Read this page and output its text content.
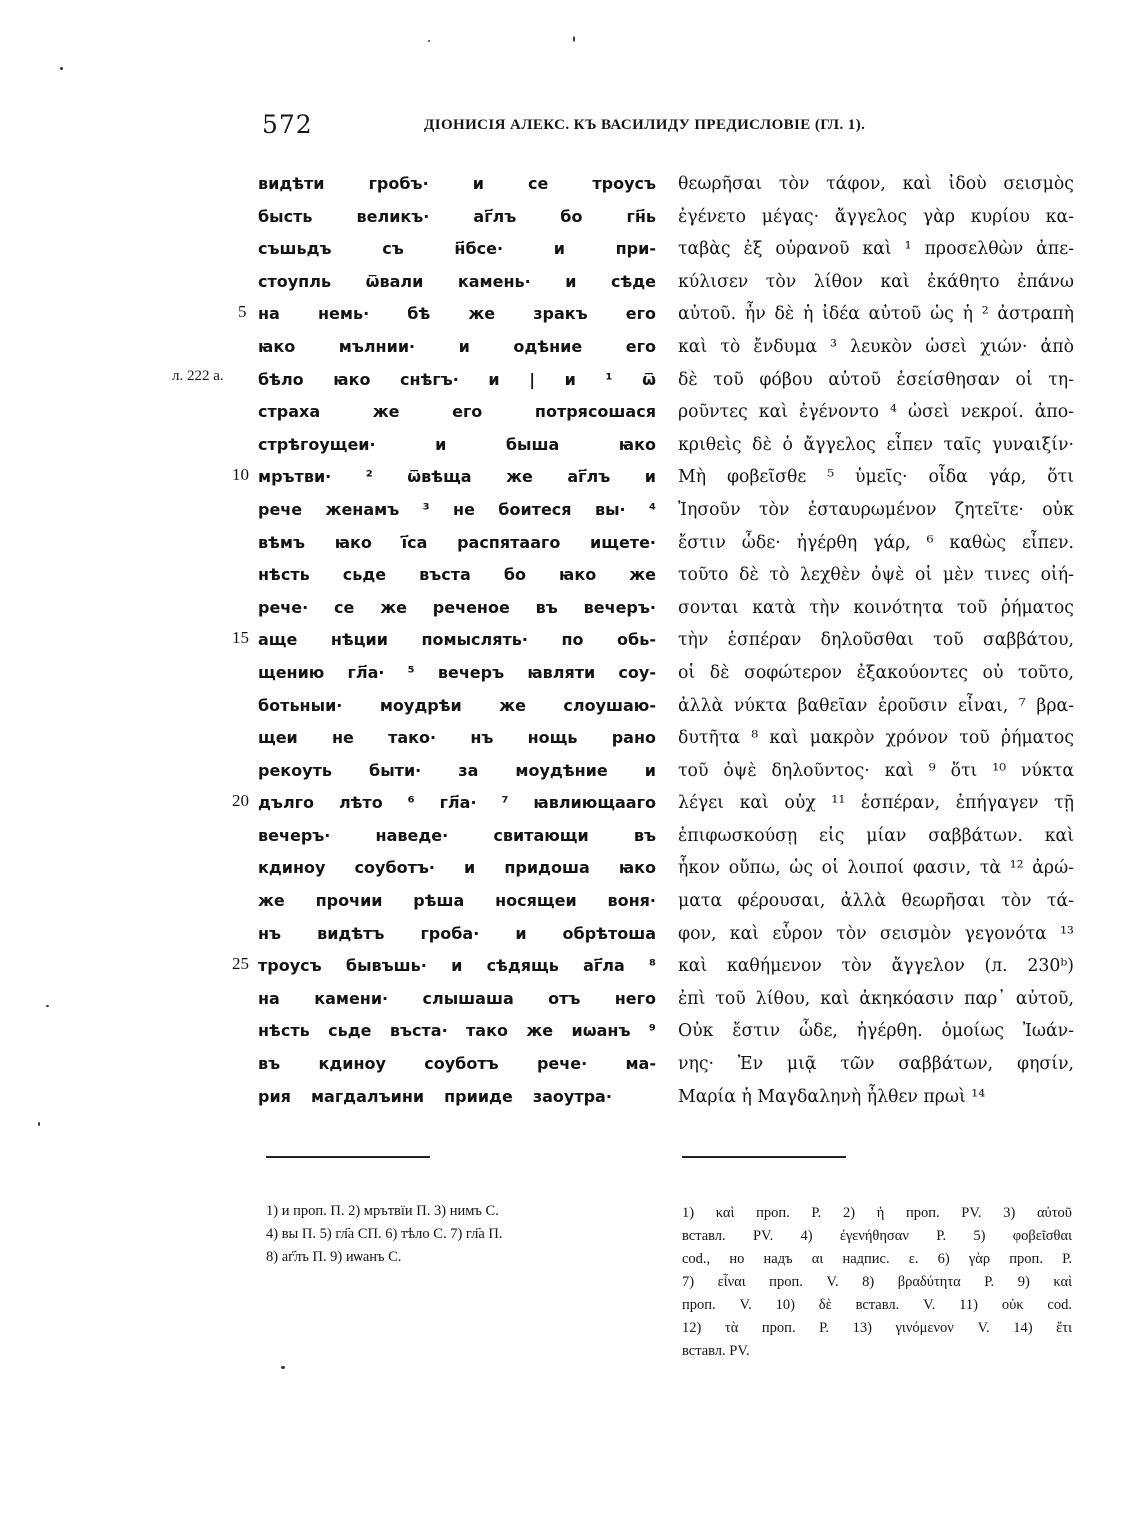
572	ДІОНИСІЯ АЛЕКС. КЪ ВАСИЛИДУ ПРЕДИСЛОВІЕ (ГЛ. 1).
5
10
15
20
25
л. 222 а.
видѣти	гробъ·	и	се	троусъ
бысть	великъ·	аг҃лъ	бо	гн҃ь
съшьдъ	съ	н҃бсе·	и	при-
стоупль ѿвали камень· и сѣде
на немь· бѣ же зракъ его
ꙗко	мълнии·	и	одѣние	его
бѣло ꙗко снѣгъ· и | и ¹ ѿ
страха	же	его	потрясошася
стрѣгоущеи·	и	быша	ꙗко
мрътви· ² ѿвѣща же аг҃лъ и
рече женамъ ³ не боитеся вы· ⁴
вѣмъ ꙗко і҃са распятааго ищете·
нѣсть сьде въста бо ꙗко же
рече· се же реченое въ вечеръ·
аще нѣции помыслять· по обь-
щению гл҃а· ⁵ вечеръ ꙗвляти соу-
ботьныи· моудрѣи же слоушаю-
щеи не тако· нъ нощь рано
рекоуть быти· за моудѣние и
дълго лѣто ⁶ гл҃а· ⁷ ꙗвлиющааго
вечеръ·	наведе·	свитающи	въ
кдиноу соуботъ· и придоша ꙗко
же прочии рѣша носящеи воня·
нъ видѣтъ гроба· и обрѣтоша
троусъ бывъшь· и сѣдящь аг҃ла ⁸
на камени· слышаша отъ него
нѣсть сьде въста· тако же иѡанъ ⁹
въ кдиноу соуботъ рече· ма-
рия магдалъини прииде заоутра·
θεωρῆσαι τὸν τάφον, καὶ ἰδοὺ σεισμὸς
ἐγένετο μέγας· ἄγγελος γὰρ κυρίου κα-
ταβὰς ἐξ οὐρανοῦ καὶ ¹ προσελθὼν ἀπε-
κύλισεν τὸν λίθον καὶ ἐκάθητο ἐπάνω
αὐτοῦ. ἦν δὲ ἡ ἰδέα αὐτοῦ ὡς ἡ ² ἀστραπὴ
καὶ τὸ ἔνδυμα ³ λευκὸν ὡσεὶ χιών· ἀπὸ
δὲ τοῦ φόβου αὐτοῦ ἐσείσθησαν οἱ τη-
ροῦντες καὶ ἐγένοντο ⁴ ὡσεὶ νεκροί. ἀπο-
κριθεὶς δὲ ὁ ἄγγελος εἶπεν ταῖς γυναιξίν·
Μὴ φοβεῖσθε ⁵ ὑμεῖς· οἶδα γάρ, ὅτι
Ἰησοῦν τὸν ἐσταυρωμένον ζητεῖτε· οὐκ
ἔστιν ὧδε· ἠγέρθη γάρ, ⁶ καθὼς εἶπεν.
τοῦτο δὲ τὸ λεχθὲν ὀψὲ οἱ μὲν τινες οἰή-
σονται κατὰ τὴν κοινότητα τοῦ ῥήματος
τὴν ἑσπέραν δηλοῦσθαι τοῦ σαββάτου,
οἱ δὲ σοφώτερον ἐξακούοντες οὐ τοῦτο,
ἀλλὰ νύκτα βαθεῖαν ἐροῦσιν εἶναι, ⁷ βρα-
δυτῆτα ⁸ καὶ μακρὸν χρόνον τοῦ ῥήματος
τοῦ ὀψὲ δηλοῦντος· καὶ ⁹ ὅτι ¹⁰ νύκτα
λέγει καὶ οὐχ ¹¹ ἑσπέραν, ἐπήγαγεν τῇ
ἐπιφωσκούσῃ εἰς μίαν σαββάτων. καὶ
ἧκον οὔπω, ὡς οἱ λοιποί φασιν, τὰ ¹² ἀρώ-
ματα φέρουσαι, ἀλλὰ θεωρῆσαι τὸν τά-
φον, καὶ εὗρον τὸν σεισμὸν γεγονότα ¹³
καὶ καθήμενον τὸν ἄγγελον (л. 230ᵇ)
ἐπὶ τοῦ λίθου, καὶ ἀκηκόασιν παρ᾿ αὐτοῦ,
Οὐκ ἔστιν ὧδε, ἠγέρθη. ὁμοίως Ἰωάν-
νης· Ἐν μιᾷ τῶν σαββάτων, φησίν,
Μαρία ἡ Μαγδαληνὴ ἦλθεν πρωὶ ¹⁴
1) и проп. П. 2) мрътвїи П. 3) нимъ С.
4) вы П. 5) гл҃а СП. 6) тѣло С. 7) гл҃а П.
8) аг҃лъ П. 9) иѡанъ С.
1) καὶ проп. Р. 2) ἡ проп. PV. 3) αὐτοῦ
вставл. PV. 4) ἐγενήθησαν Р. 5) φοβεῖσθαι
cod., но надъ αι надпис. ε. 6) γὰρ проп. Р.
7) εἶναι проп. V. 8) βραδύτητα Р. 9) καὶ
проп. V. 10) δὲ вставл. V. 11) οὐκ cod.
12) τὰ проп. Р. 13) γινόμενον V. 14) ἔτι
вставл. PV.
